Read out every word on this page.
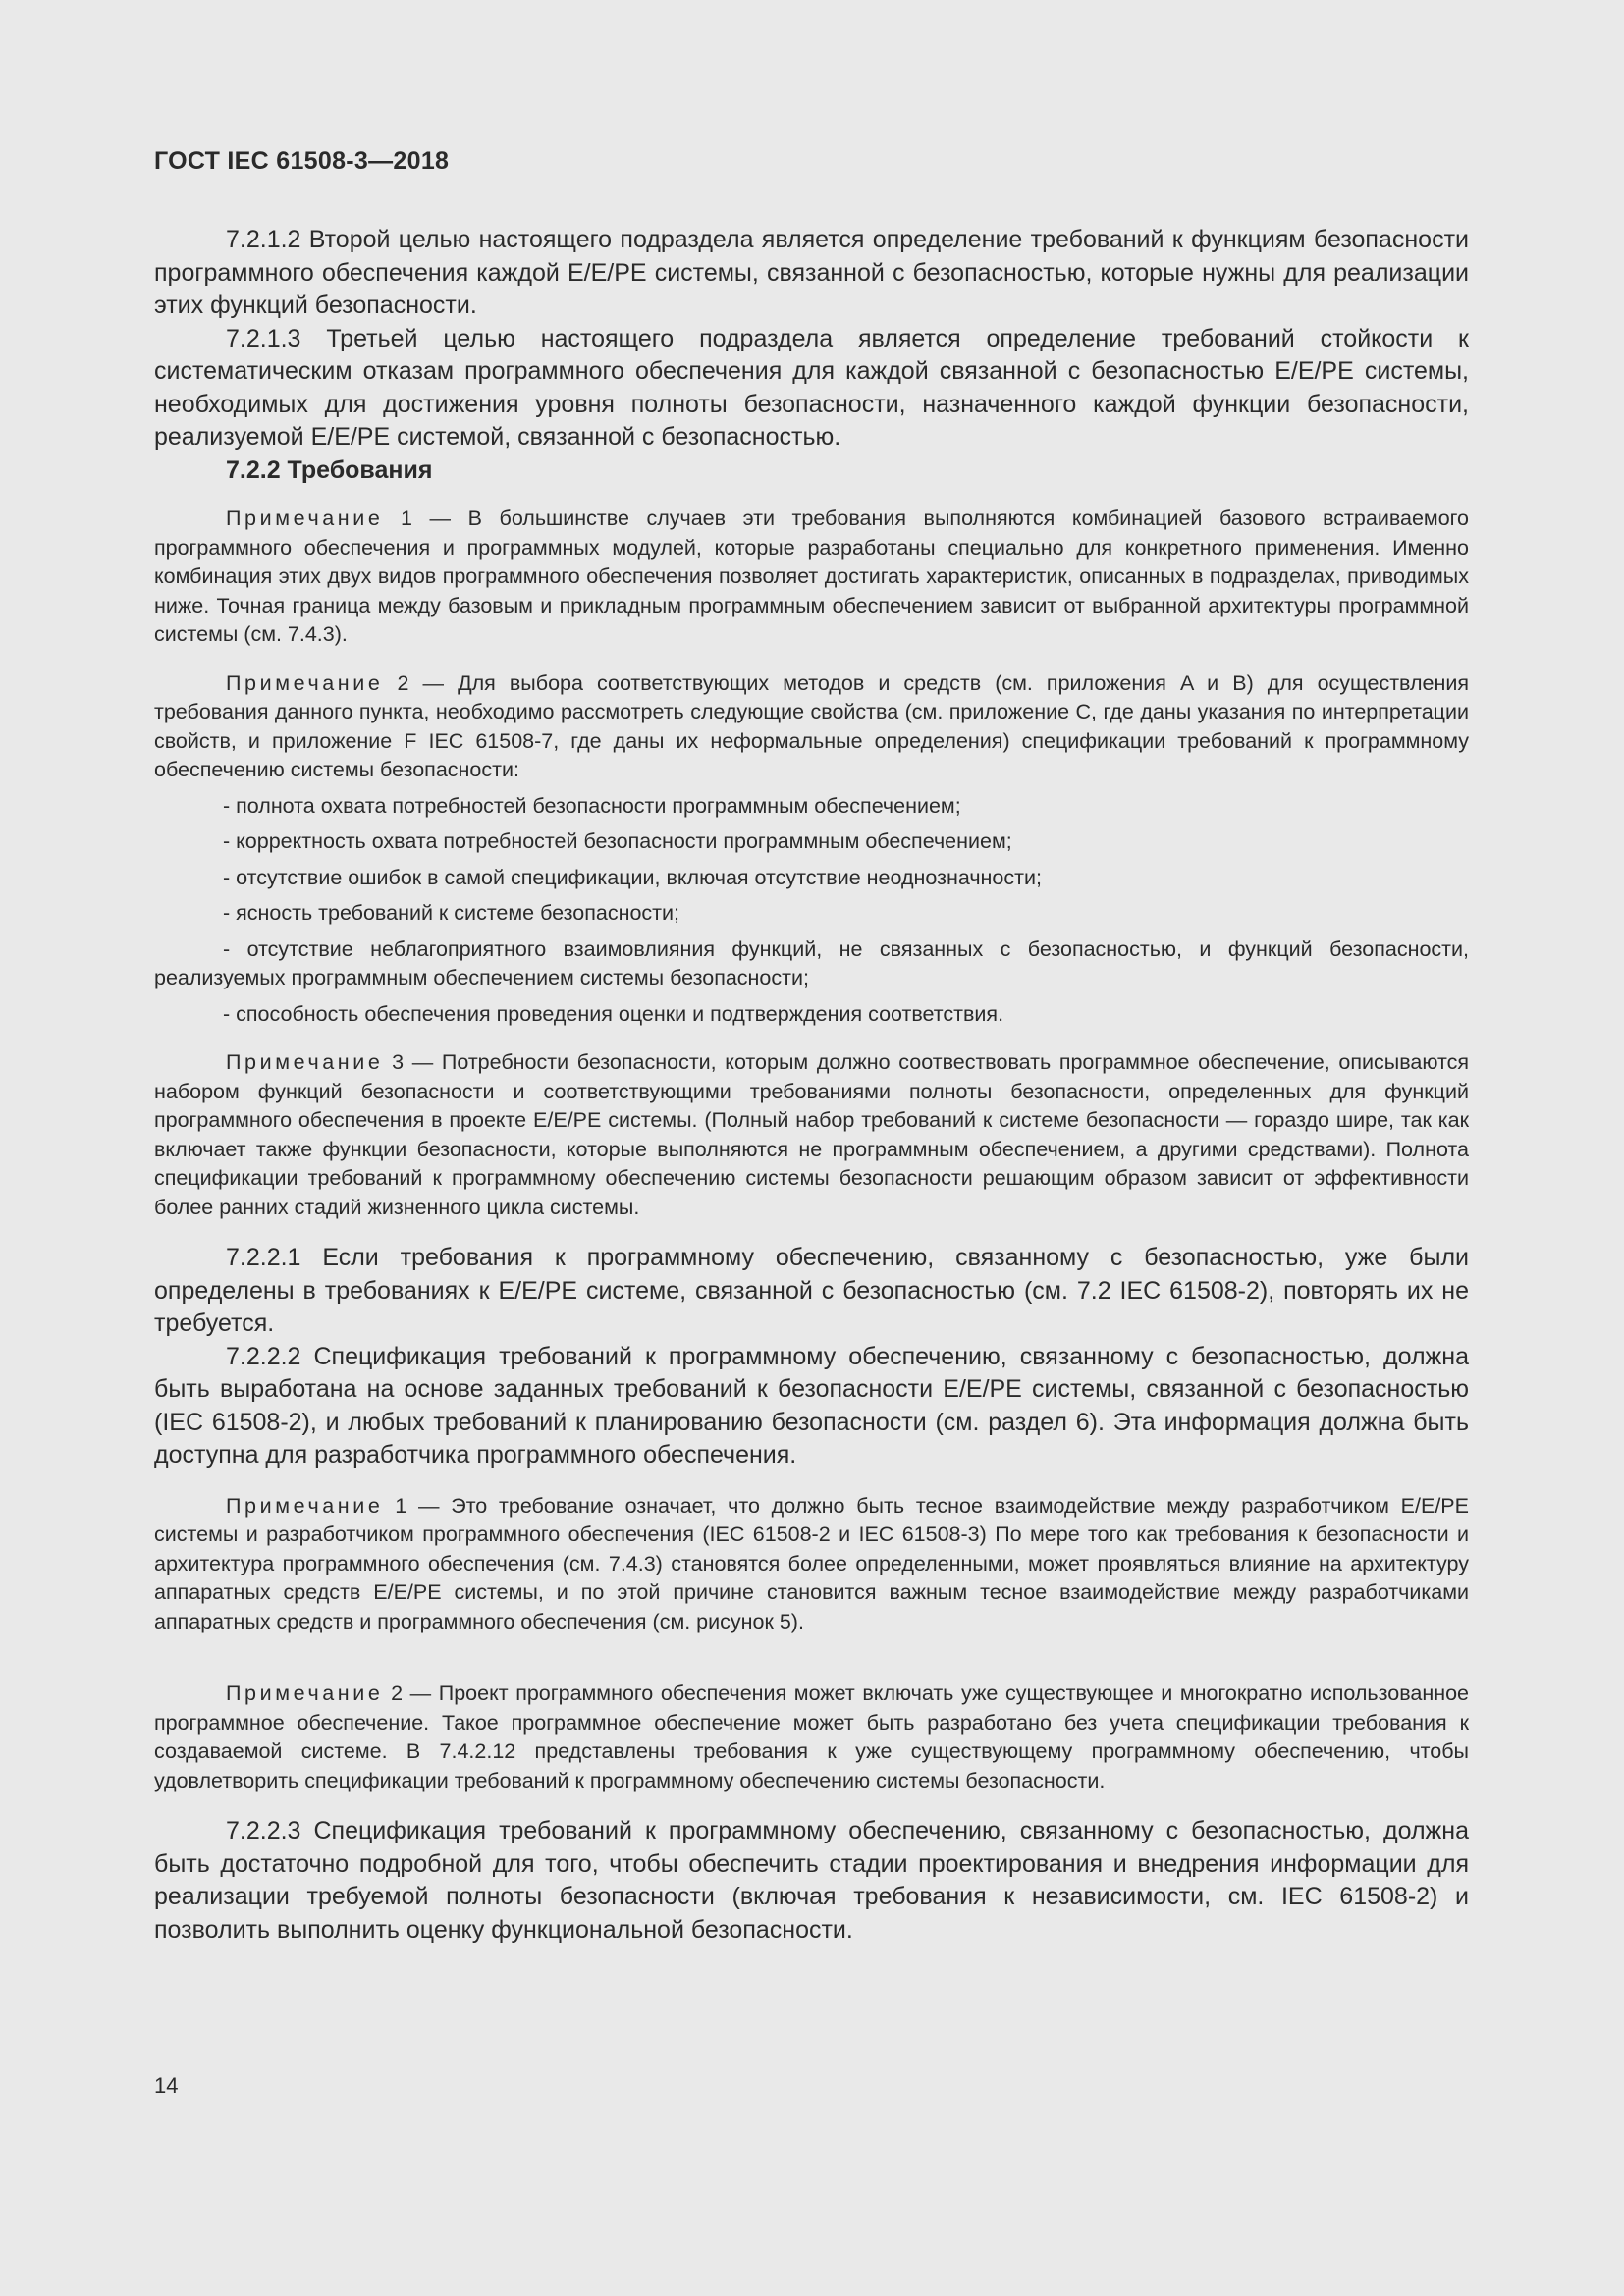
ГОСТ IEC 61508-3—2018

7.2.1.2 Второй целью настоящего подраздела является определение требований к функциям безопасности программного обеспечения каждой E/E/PE системы, связанной с безопасностью, которые нужны для реализации этих функций безопасности.

7.2.1.3 Третьей целью настоящего подраздела является определение требований стойкости к систематическим отказам программного обеспечения для каждой связанной с безопасностью E/E/PE системы, необходимых для достижения уровня полноты безопасности, назначенного каждой функции безопасности, реализуемой E/E/PE системой, связанной с безопасностью.

7.2.2 Требования

Примечание 1 — В большинстве случаев эти требования выполняются комбинацией базового встраиваемого программного обеспечения и программных модулей, которые разработаны специально для конкретного применения. Именно комбинация этих двух видов программного обеспечения позволяет достигать характеристик, описанных в подразделах, приводимых ниже. Точная граница между базовым и прикладным программным обеспечением зависит от выбранной архитектуры программной системы (см. 7.4.3).

Примечание 2 — Для выбора соответствующих методов и средств (см. приложения A и B) для осуществления требования данного пункта, необходимо рассмотреть следующие свойства (см. приложение C, где даны указания по интерпретации свойств, и приложение F IEC 61508-7, где даны их неформальные определения) спецификации требований к программному обеспечению системы безопасности:

- полнота охвата потребностей безопасности программным обеспечением;
- корректность охвата потребностей безопасности программным обеспечением;
- отсутствие ошибок в самой спецификации, включая отсутствие неоднозначности;
- ясность требований к системе безопасности;
- отсутствие неблагоприятного взаимовлияния функций, не связанных с безопасностью, и функций безопасности, реализуемых программным обеспечением системы безопасности;
- способность обеспечения проведения оценки и подтверждения соответствия.

Примечание 3 — Потребности безопасности, которым должно соотвествовать программное обеспечение, описываются набором функций безопасности и соответствующими требованиями полноты безопасности, определенных для функций программного обеспечения в проекте E/E/PE системы. (Полный набор требований к системе безопасности — гораздо шире, так как включает также функции безопасности, которые выполняются не программным обеспечением, а другими средствами). Полнота спецификации требований к программному обеспечению системы безопасности решающим образом зависит от эффективности более ранних стадий жизненного цикла системы.

7.2.2.1 Если требования к программному обеспечению, связанному с безопасностью, уже были определены в требованиях к E/E/PE системе, связанной с безопасностью (см. 7.2 IEC 61508-2), повторять их не требуется.

7.2.2.2 Спецификация требований к программному обеспечению, связанному с безопасностью, должна быть выработана на основе заданных требований к безопасности E/E/PE системы, связанной с безопасностью (IEC 61508-2), и любых требований к планированию безопасности (см. раздел 6). Эта информация должна быть доступна для разработчика программного обеспечения.

Примечание 1 — Это требование означает, что должно быть тесное взаимодействие между разработчиком E/E/PE системы и разработчиком программного обеспечения (IEC 61508-2 и IEC 61508-3) По мере того как требования к безопасности и архитектура программного обеспечения (см. 7.4.3) становятся более определенными, может проявляться влияние на архитектуру аппаратных средств E/E/PE системы, и по этой причине становится важным тесное взаимодействие между разработчиками аппаратных средств и программного обеспечения (см. рисунок 5).

Примечание 2 — Проект программного обеспечения может включать уже существующее и многократно использованное программное обеспечение. Такое программное обеспечение может быть разработано без учета спецификации требования к создаваемой системе. В 7.4.2.12 представлены требования к уже существующему программному обеспечению, чтобы удовлетворить спецификации требований к программному обеспечению системы безопасности.

7.2.2.3 Спецификация требований к программному обеспечению, связанному с безопасностью, должна быть достаточно подробной для того, чтобы обеспечить стадии проектирования и внедрения информации для реализации требуемой полноты безопасности (включая требования к независимости, см. IEC 61508-2) и позволить выполнить оценку функциональной безопасности.

14
